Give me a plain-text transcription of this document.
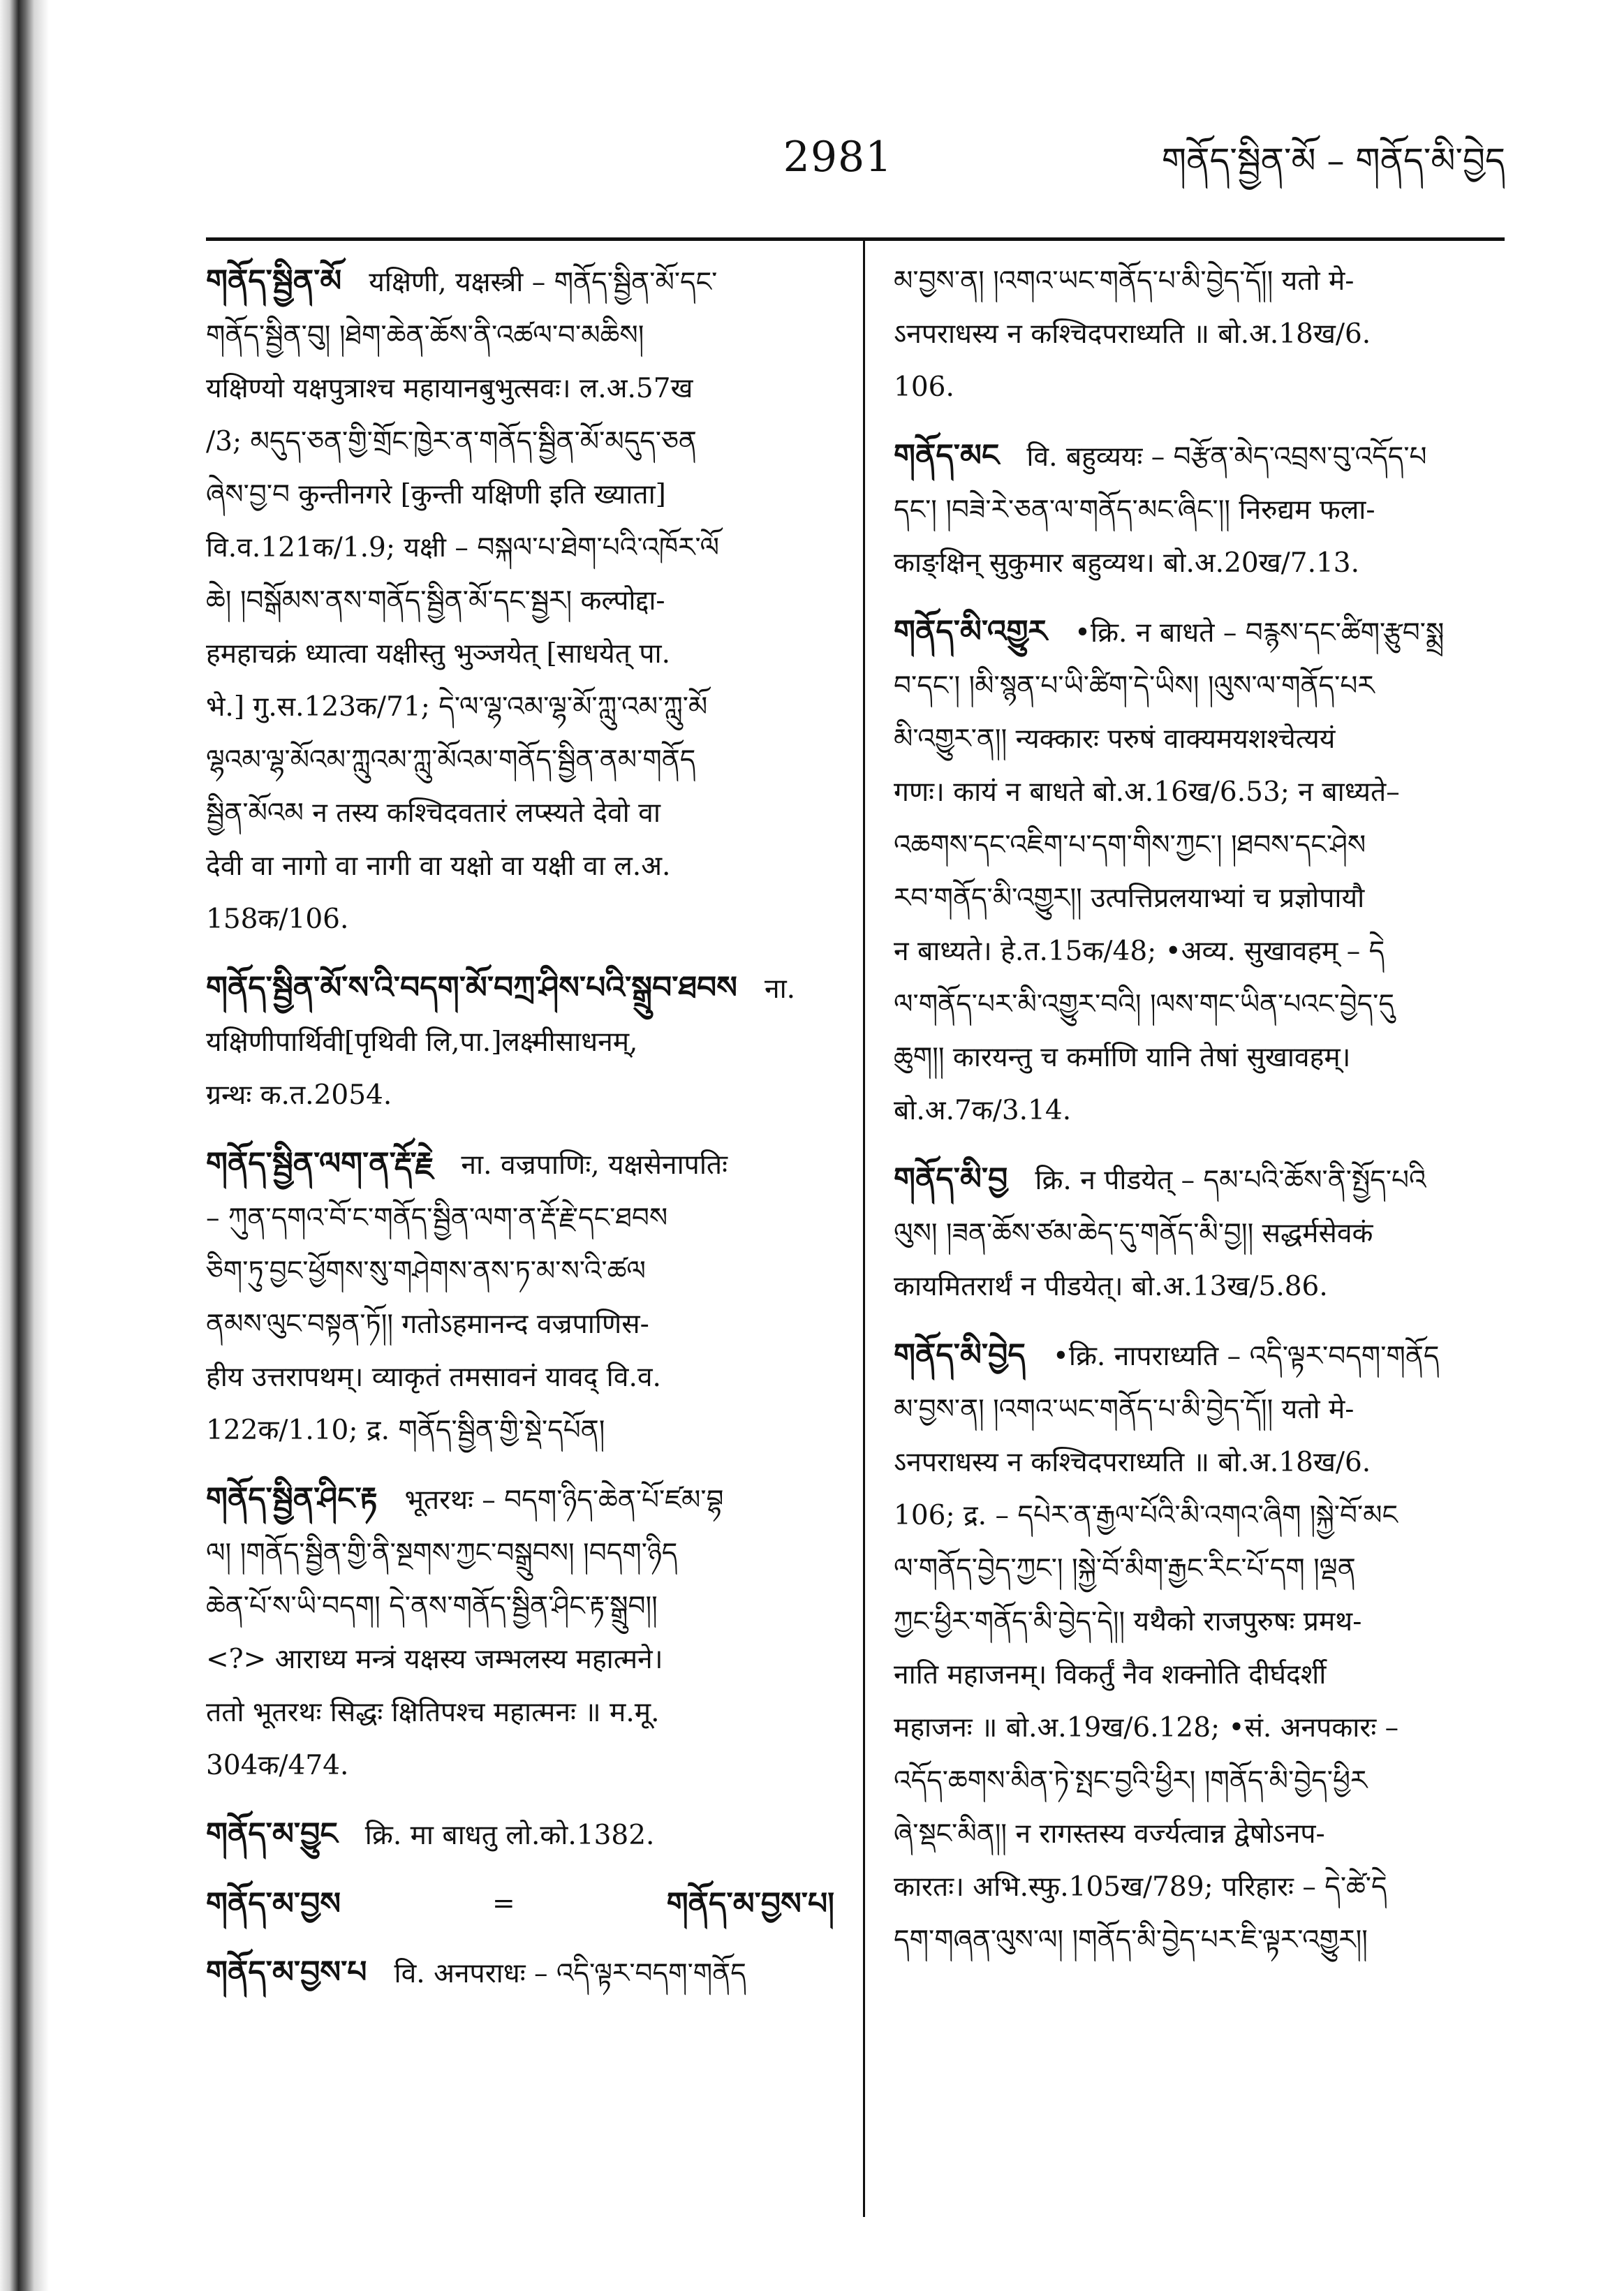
2981	གནོད་སྦྱིན་མོ – གནོད་མི་བྱེད

གནོད་སྦྱིན་མོ  यक्षिणी, यक्षस्त्री – གནོད་སྦྱིན་མོ་དང་

གནོད་སྦྱིན་བུ། །ཐེག་ཆེན་ཆོས་ནི་འཚལ་བ་མཆིས།

यक्षिण्यो यक्षपुत्राश्च महायानबुभुत्सवः। ल.अ.57ख

/3; མདུད་ཅན་གྱི་གྲོང་ཁྱེར་ན་གནོད་སྦྱིན་མོ་མདུད་ཅན

ཞེས་བྱ་བ कुन्तीनगरे [कुन्ती यक्षिणी इति ख्याता]

वि.व.121क/1.9; यक्षी – བསྐལ་པ་ཐེག་པའི་འཁོར་ལོ

ཆེ། །བསྒོམས་ནས་གནོད་སྦྱིན་མོ་དང་སྦྱར། कल्पोद्दा-

हमहाचक्रं ध्यात्वा यक्षीस्तु भुञ्जयेत् [साधयेत् पा.

भे.] गु.स.123क/71; དེ་ལ་ལྷ་འམ་ལྷ་མོ་ཀླུ་འམ་ཀླུ་མོ

ལྷའམ་ལྷ་མོའམ་ཀླུའམ་ཀླུ་མོའམ་གནོད་སྦྱིན་ནམ་གནོད

སྦྱིན་མོའམ न तस्य कश्चिदवतारं लप्स्यते देवो वा

देवी वा नागो वा नागी वा यक्षो वा यक्षी वा ल.अ.

158क/106.

གནོད་སྦྱིན་མོ་ས་འི་བདག་མོ་བཀྲ་ཤིས་པའི་སྒྲུབ་ཐབས  ना. यक्षिणीपार्थिवी[पृथिवी लि,पा.]लक्ष्मीसाधनम्,

ग्रन्थः क.त.2054.

གནོད་སྦྱིན་ལག་ན་རྡོ་རྗེ  ना. वज्रपाणिः, यक्षसेनापतिः

– ཀུན་དགའ་བོ་ང་གནོད་སྦྱིན་ལག་ན་རྡོ་རྗེ་དང་ཐབས

ཅིག་ཏུ་བྱང་ཕྱོགས་སུ་གཤེགས་ནས་ཏ་མ་ས་འི་ཚལ

ནམས་ལུང་བསྟན་ཏོ།། गतोऽहमानन्द वज्रपाणिस-

हीय उत्तरापथम्। व्याकृतं तमसावनं यावद् वि.व.

122क/1.10; द्र. གནོད་སྦྱིན་གྱི་སྡེ་དཔོན།

གནོད་སྦྱིན་ཤིང་རྟ  भूतरथः – བདག་ཉིད་ཆེན་པོ་ཛམ་བྷ

ལ། །གནོད་སྦྱིན་གྱི་ནི་སྔགས་ཀྱང་བསྒྲུབས། །བདག་ཉིད

ཆེན་པོ་ས་ཡི་བདག། དེ་ནས་གནོད་སྦྱིན་ཤིང་རྟ་སྒྲུབ།།

<?> आराध्य मन्त्रं यक्षस्य जम्भलस्य महात्मने।

ततो भूतरथः सिद्धः क्षितिपश्च महात्मनः ॥ म.मू.

304क/474.

གནོད་མ་བྱུང  क्रि. मा बाधतु लो.को.1382.

གནོད་མ་བྱས	=	གནོད་མ་བྱས་པ།

གནོད་མ་བྱས་པ  वि. अनपराधः – འདི་ལྟར་བདག་གནོད

མ་བྱས་ན། །འགའ་ཡང་གནོད་པ་མི་བྱེད་དོ།། यतो मे-

ऽनपराधस्य न कश्चिदपराध्यति ॥ बो.अ.18ख/6.

106.

གནོད་མང  वि. बहुव्ययः – བརྩོན་མེད་འབྲས་བུ་འདོད་པ

དང་། །བཟེ་རེ་ཅན་ལ་གནོད་མང་ཞིང་།། निरुद्यम फला-

काङ्क्षिन् सुकुमार बहुव्यथ। बो.अ.20ख/7.13.

གནོད་མི་འགྱུར  •क्रि. न बाधते – བརྙས་དང་ཚིག་རྩུབ་སྨྲ

བ་དང་། །མི་སྙན་པ་ཡི་ཚིག་དེ་ཡིས། །ལུས་ལ་གནོད་པར

མི་འགྱུར་ན།། न्यक्कारः परुषं वाक्यमयशश्चेत्ययं

गणः। कायं न बाधते बो.अ.16ख/6.53; न बाध्यते–

འཆགས་དང་འཇིག་པ་དག་གིས་ཀྱང་། །ཐབས་དང་ཤེས

རབ་གནོད་མི་འགྱུར།། उत्पत्तिप्रलयाभ्यां च प्रज्ञोपायौ

न बाध्यते। हे.त.15क/48; •अव्य. सुखावहम् – དེ

ལ་གནོད་པར་མི་འགྱུར་བའི། །ལས་གང་ཡིན་པའང་བྱེད་དུ

ཆུག།། कारयन्तु च कर्माणि यानि तेषां सुखावहम्।

बो.अ.7क/3.14.

གནོད་མི་བྱ  क्रि. न पीडयेत् – དམ་པའི་ཆོས་ནི་སྤྱོད་པའི

ལུས། །ཟན་ཆོས་ཙམ་ཆེད་དུ་གནོད་མི་བྱ།། सद्धर्मसेवकं

कायमितरार्थं न पीडयेत्। बो.अ.13ख/5.86.

གནོད་མི་བྱེད  •क्रि. नापराध्यति – འདི་ལྟར་བདག་གནོད

མ་བྱས་ན། །འགའ་ཡང་གནོད་པ་མི་བྱེད་དོ།། यतो मे-

ऽनपराधस्य न कश्चिदपराध्यति ॥ बो.अ.18ख/6.

106; द्र. – དཔེར་ན་རྒྱལ་པོའི་མི་འགའ་ཞིག །སྐྱེ་བོ་མང

ལ་གནོད་བྱེད་ཀྱང་། །སྐྱེ་བོ་མིག་རྒྱང་རིང་པོ་དག །ལྡན

ཀྱང་ཕྱིར་གནོད་མི་བྱེད་དེ།། यथैको राजपुरुषः प्रमथ-

नाति महाजनम्। विकर्तुं नैव शक्नोति दीर्घदर्शी

महाजनः ॥ बो.अ.19ख/6.128; •सं. अनपकारः –

འདོད་ཆགས་མིན་ཏེ་སྤང་བྱའི་ཕྱིར། །གནོད་མི་བྱེད་ཕྱིར

ཞེ་སྡང་མིན།། न रागस्तस्य वर्ज्यत्वान्न द्वेषोऽनप-

कारतः। अभि.स्फु.105ख/789; परिहारः – དེ་ཚེ་དེ

དག་གཞན་ལུས་ལ། །གནོད་མི་བྱེད་པར་ཇི་ལྟར་འགྱུར།།
